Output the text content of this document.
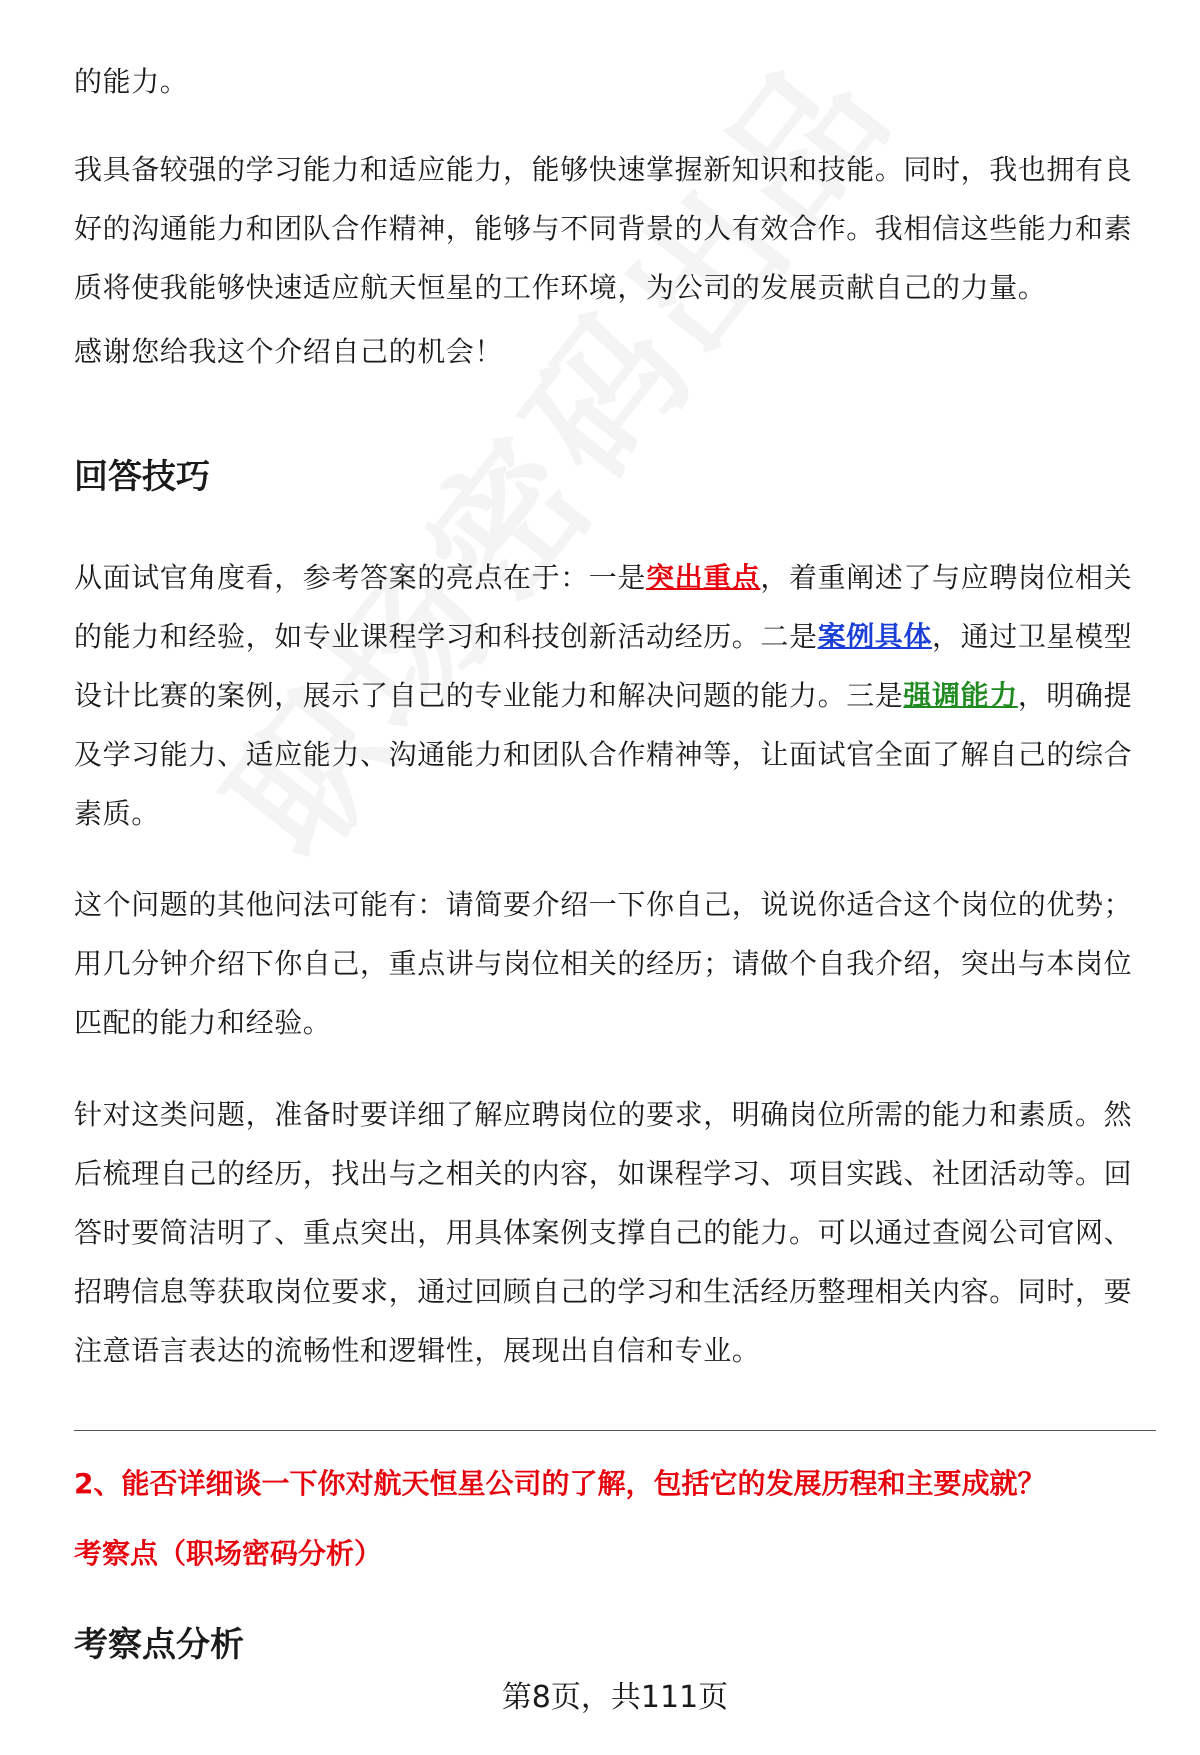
的能力。

我具备较强的学习能力和适应能力，能够快速掌握新知识和技能。同时，我也拥有良好的沟通能力和团队合作精神，能够与不同背景的人有效合作。我相信这些能力和素质将使我能够快速适应航天恒星的工作环境，为公司的发展贡献自己的力量。

感谢您给我这个介绍自己的机会！

回答技巧

从面试官角度看，参考答案的亮点在于：一是突出重点，着重阐述了与应聘岗位相关的能力和经验，如专业课程学习和科技创新活动经历。二是案例具体，通过卫星模型设计比赛的案例，展示了自己的专业能力和解决问题的能力。三是强调能力，明确提及学习能力、适应能力、沟通能力和团队合作精神等，让面试官全面了解自己的综合素质。

这个问题的其他问法可能有：请简要介绍一下你自己，说说你适合这个岗位的优势；用几分钟介绍下你自己，重点讲与岗位相关的经历；请做个自我介绍，突出与本岗位匹配的能力和经验。

针对这类问题，准备时要详细了解应聘岗位的要求，明确岗位所需的能力和素质。然后梳理自己的经历，找出与之相关的内容，如课程学习、项目实践、社团活动等。回答时要简洁明了、重点突出，用具体案例支撑自己的能力。可以通过查阅公司官网、招聘信息等获取岗位要求，通过回顾自己的学习和生活经历整理相关内容。同时，要注意语言表达的流畅性和逻辑性，展现出自信和专业。

2、能否详细谈一下你对航天恒星公司的了解，包括它的发展历程和主要成就？

考察点（职场密码分析）

考察点分析
第8页，共111页
